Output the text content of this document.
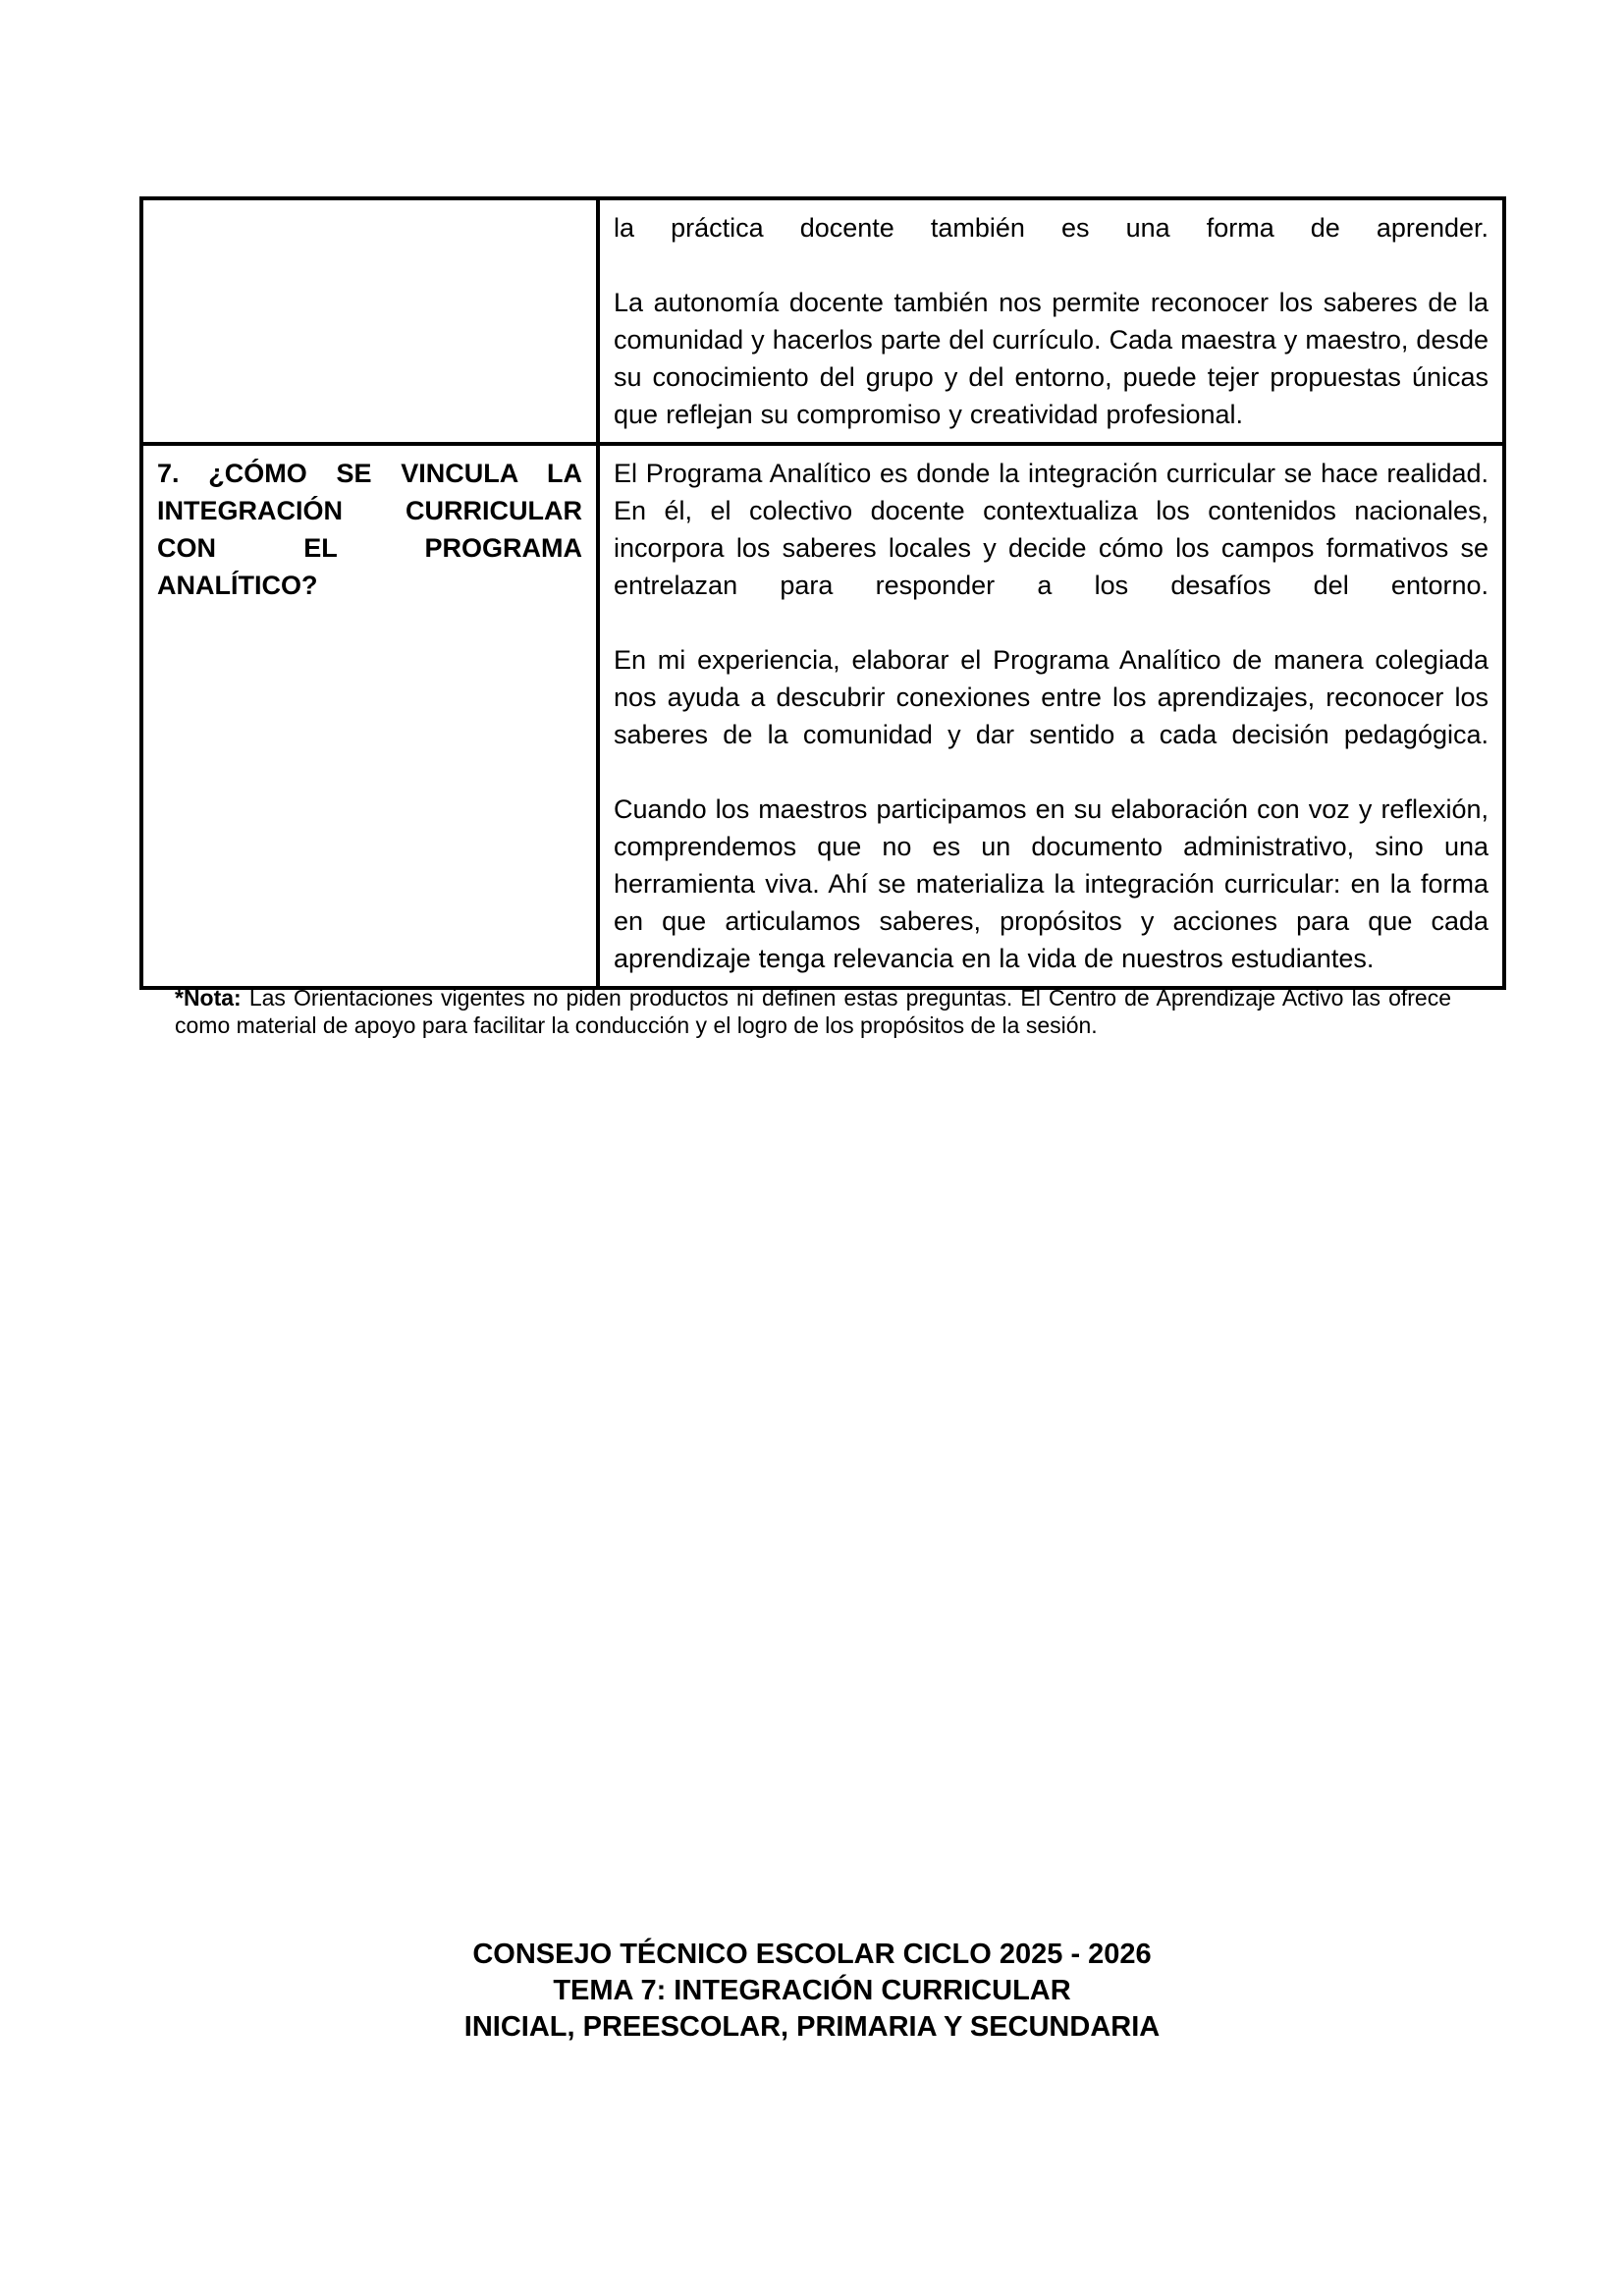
	la práctica docente también es una forma de aprender.

La autonomía docente también nos permite reconocer los saberes de la comunidad y hacerlos parte del currículo. Cada maestra y maestro, desde su conocimiento del grupo y del entorno, puede tejer propuestas únicas que reflejan su compromiso y creatividad profesional.

7. ¿CÓMO SE VINCULA LA INTEGRACIÓN CURRICULAR CON EL PROGRAMA ANALÍTICO?	El Programa Analítico es donde la integración curricular se hace realidad. En él, el colectivo docente contextualiza los contenidos nacionales, incorpora los saberes locales y decide cómo los campos formativos se entrelazan para responder a los desafíos del entorno.

En mi experiencia, elaborar el Programa Analítico de manera colegiada nos ayuda a descubrir conexiones entre los aprendizajes, reconocer los saberes de la comunidad y dar sentido a cada decisión pedagógica.

Cuando los maestros participamos en su elaboración con voz y reflexión, comprendemos que no es un documento administrativo, sino una herramienta viva. Ahí se materializa la integración curricular: en la forma en que articulamos saberes, propósitos y acciones para que cada aprendizaje tenga relevancia en la vida de nuestros estudiantes.

*Nota: Las Orientaciones vigentes no piden productos ni definen estas preguntas. El Centro de Aprendizaje Activo las ofrece como material de apoyo para facilitar la conducción y el logro de los propósitos de la sesión.
CONSEJO TÉCNICO ESCOLAR CICLO 2025 - 2026
TEMA 7: INTEGRACIÓN CURRICULAR
INICIAL, PREESCOLAR, PRIMARIA Y SECUNDARIA
